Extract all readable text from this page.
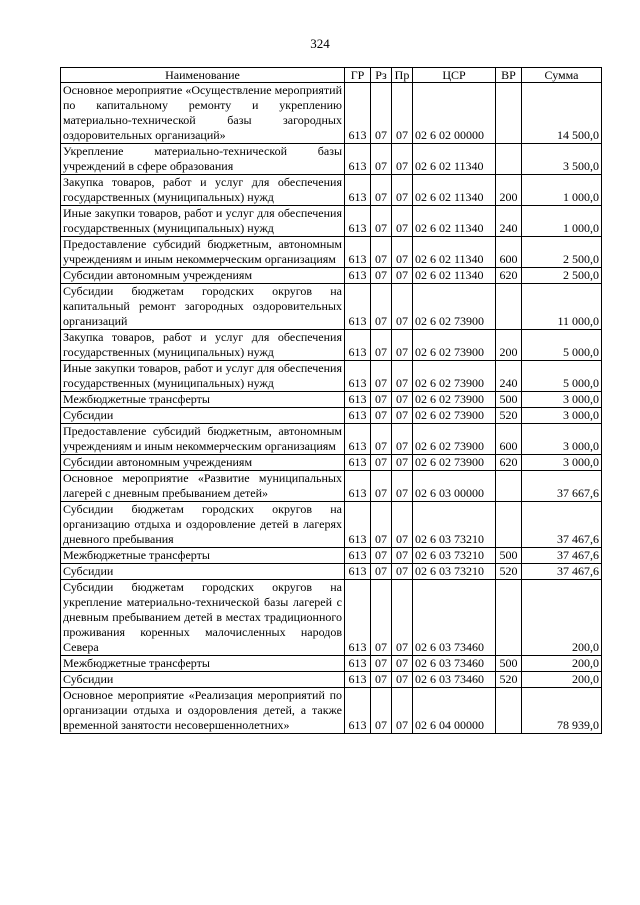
324
Наименование	ГР	Рз	Пр	ЦСР	ВР	Сумма
Основное мероприятие «Осуществление мероприятий по капитальному ремонту и укреплению материально-технической базы загородных оздоровительных организаций»	613	07	07	02 6 02 00000		14 500,0
Укрепление материально-технической базы учреждений в сфере образования	613	07	07	02 6 02 11340		3 500,0
Закупка товаров, работ и услуг для обеспечения государственных (муниципальных) нужд	613	07	07	02 6 02 11340	200	1 000,0
Иные закупки товаров, работ и услуг для обеспечения государственных (муниципальных) нужд	613	07	07	02 6 02 11340	240	1 000,0
Предоставление субсидий бюджетным, автономным учреждениям и иным некоммерческим организациям	613	07	07	02 6 02 11340	600	2 500,0
Субсидии автономным учреждениям	613	07	07	02 6 02 11340	620	2 500,0
Субсидии бюджетам городских округов на капитальный ремонт загородных оздоровительных организаций	613	07	07	02 6 02 73900		11 000,0
Закупка товаров, работ и услуг для обеспечения государственных (муниципальных) нужд	613	07	07	02 6 02 73900	200	5 000,0
Иные закупки товаров, работ и услуг для обеспечения государственных (муниципальных) нужд	613	07	07	02 6 02 73900	240	5 000,0
Межбюджетные трансферты	613	07	07	02 6 02 73900	500	3 000,0
Субсидии	613	07	07	02 6 02 73900	520	3 000,0
Предоставление субсидий бюджетным, автономным учреждениям и иным некоммерческим организациям	613	07	07	02 6 02 73900	600	3 000,0
Субсидии автономным учреждениям	613	07	07	02 6 02 73900	620	3 000,0
Основное мероприятие «Развитие муниципальных лагерей с дневным пребыванием детей»	613	07	07	02 6 03 00000		37 667,6
Субсидии бюджетам городских округов на организацию отдыха и оздоровление детей в лагерях дневного пребывания	613	07	07	02 6 03 73210		37 467,6
Межбюджетные трансферты	613	07	07	02 6 03 73210	500	37 467,6
Субсидии	613	07	07	02 6 03 73210	520	37 467,6
Субсидии бюджетам городских округов на укрепление материально-технической базы лагерей с дневным пребыванием детей в местах традиционного проживания коренных малочисленных народов Севера	613	07	07	02 6 03 73460		200,0
Межбюджетные трансферты	613	07	07	02 6 03 73460	500	200,0
Субсидии	613	07	07	02 6 03 73460	520	200,0
Основное мероприятие «Реализация мероприятий по организации отдыха и оздоровления детей, а также временной занятости несовершеннолетних»	613	07	07	02 6 04 00000		78 939,0
